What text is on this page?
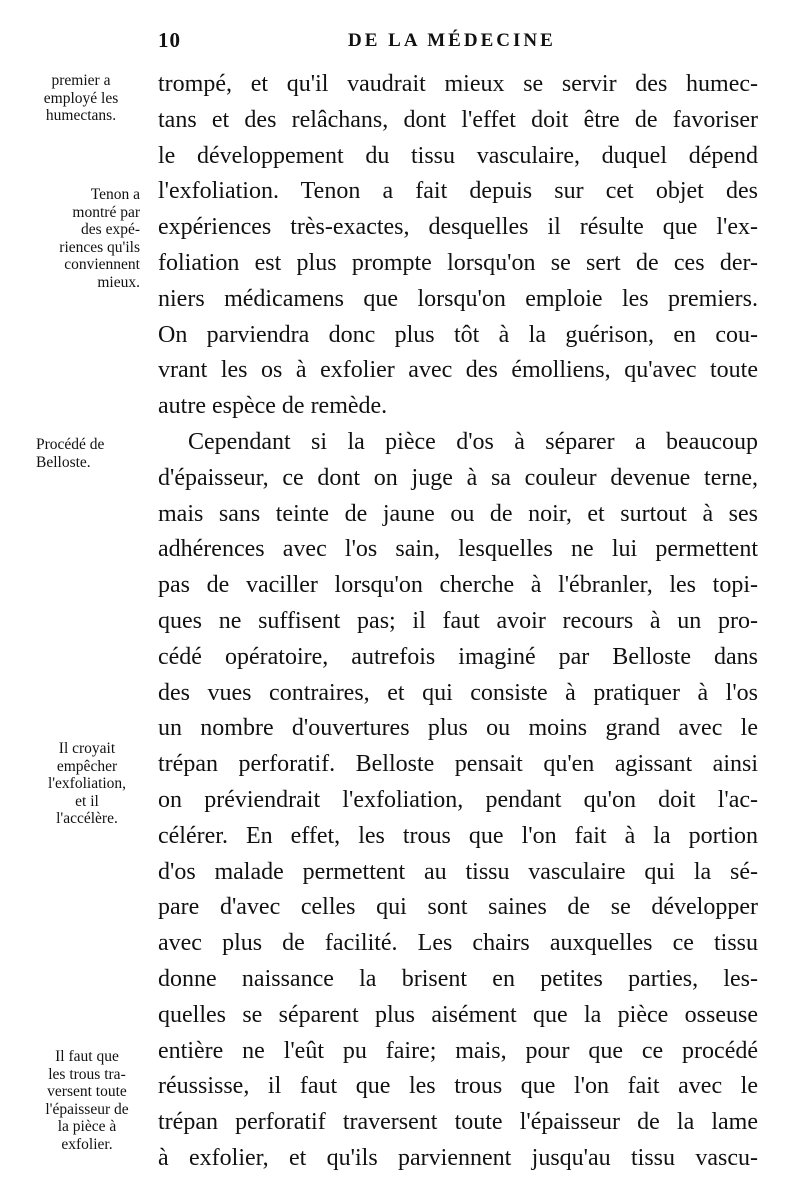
10	DE LA MÉDECINE
premier a
employé les
humectans.
Tenon a
montré par
des expé-
riences qu'ils
conviennent
mieux.
Procédé de
Belloste.
Il croyait
empêcher
l'exfoliation,
et il
l'accélère.
Il faut que
les trous tra-
versent toute
l'épaisseur de
la pièce à
exfolier.
trompé, et qu'il vaudrait mieux se servir des humec-
tans et des relâchans, dont l'effet doit être de favoriser
le développement du tissu vasculaire, duquel dépend
l'exfoliation. Tenon a fait depuis sur cet objet des
expériences très-exactes, desquelles il résulte que l'ex-
foliation est plus prompte lorsqu'on se sert de ces der-
niers médicamens que lorsqu'on emploie les premiers.
On parviendra donc plus tôt à la guérison, en cou-
vrant les os à exfolier avec des émolliens, qu'avec toute
autre espèce de remède.
Cependant si la pièce d'os à séparer a beaucoup
d'épaisseur, ce dont on juge à sa couleur devenue terne,
mais sans teinte de jaune ou de noir, et surtout à ses
adhérences avec l'os sain, lesquelles ne lui permettent
pas de vaciller lorsqu'on cherche à l'ébranler, les topi-
ques ne suffisent pas; il faut avoir recours à un pro-
cédé opératoire, autrefois imaginé par Belloste dans
des vues contraires, et qui consiste à pratiquer à l'os
un nombre d'ouvertures plus ou moins grand avec le
trépan perforatif. Belloste pensait qu'en agissant ainsi
on préviendrait l'exfoliation, pendant qu'on doit l'ac-
célérer. En effet, les trous que l'on fait à la portion
d'os malade permettent au tissu vasculaire qui la sé-
pare d'avec celles qui sont saines de se développer
avec plus de facilité. Les chairs auxquelles ce tissu
donne naissance la brisent en petites parties, les-
quelles se séparent plus aisément que la pièce osseuse
entière ne l'eût pu faire; mais, pour que ce procédé
réussisse, il faut que les trous que l'on fait avec le
trépan perforatif traversent toute l'épaisseur de la lame
à exfolier, et qu'ils parviennent jusqu'au tissu vascu-
